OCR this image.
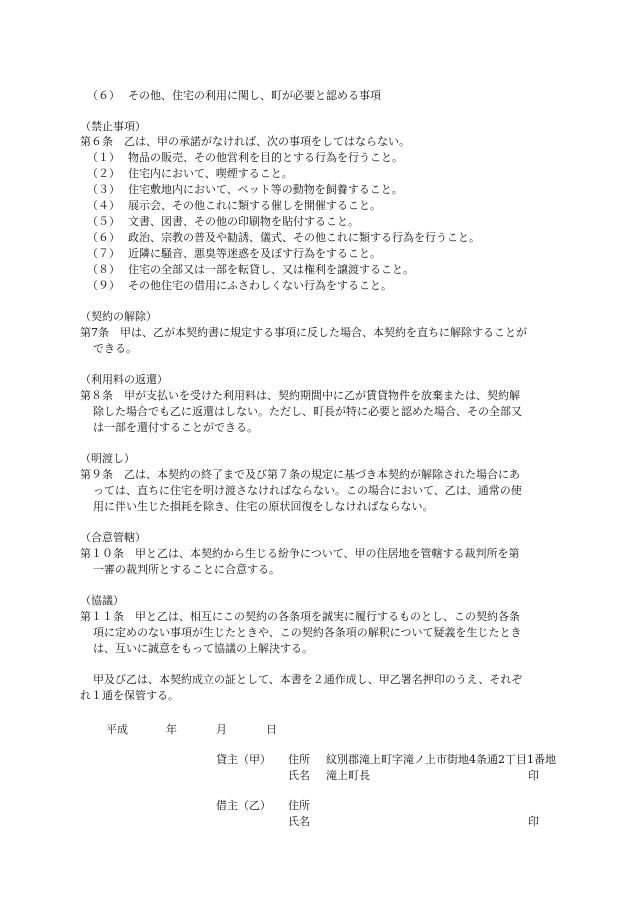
（６） その他、住宅の利用に関し、町が必要と認める事項
（禁止事項）
第６条　乙は、甲の承諾がなければ、次の事項をしてはならない。
（１） 物品の販売、その他営利を目的とする行為を行うこと。
（２） 住宅内において、喫煙すること。
（３） 住宅敷地内において、ペット等の動物を飼養すること。
（４） 展示会、その他これに類する催しを開催すること。
（５） 文書、図書、その他の印刷物を貼付すること。
（６） 政治、宗教の普及や勧誘、儀式、その他これに類する行為を行うこと。
（７） 近隣に騒音、悪臭等迷惑を及ぼす行為をすること。
（８） 住宅の全部又は一部を転貸し、又は権利を譲渡すること。
（９） その他住宅の借用にふさわしくない行為をすること。
（契約の解除）
第7条　甲は、乙が本契約書に規定する事項に反した場合、本契約を直ちに解除することが
できる。
（利用料の返還）
第８条　甲が支払いを受けた利用料は、契約期間中に乙が賃貸物件を放棄または、契約解
除した場合でも乙に返還はしない。ただし、町長が特に必要と認めた場合、その全部又
は一部を還付することができる。
（明渡し）
第９条　乙は、本契約の終了まで及び第７条の規定に基づき本契約が解除された場合にあ
っては、直ちに住宅を明け渡さなければならない。この場合において、乙は、通常の使
用に伴い生じた損耗を除き、住宅の原状回復をしなければならない。
（合意管轄）
第１０条　甲と乙は、本契約から生じる紛争について、甲の住居地を管轄する裁判所を第
一審の裁判所とすることに合意する。
（協議）
第１１条　甲と乙は、相互にこの契約の各条項を誠実に履行するものとし、この契約各条
項に定めのない事項が生じたときや、この契約各条項の解釈について疑義を生じたとき
は、互いに誠意をもって協議の上解決する。
甲及び乙は、本契約成立の証として、本書を２通作成し、甲乙署名押印のうえ、それぞ
れ１通を保管する。
平成	年	月	日
貸主（甲） 住所 紋別郡滝上町字滝ノ上市街地4条通2丁目1番地
氏名 滝上町長	印
借主（乙） 住所
氏名	印
